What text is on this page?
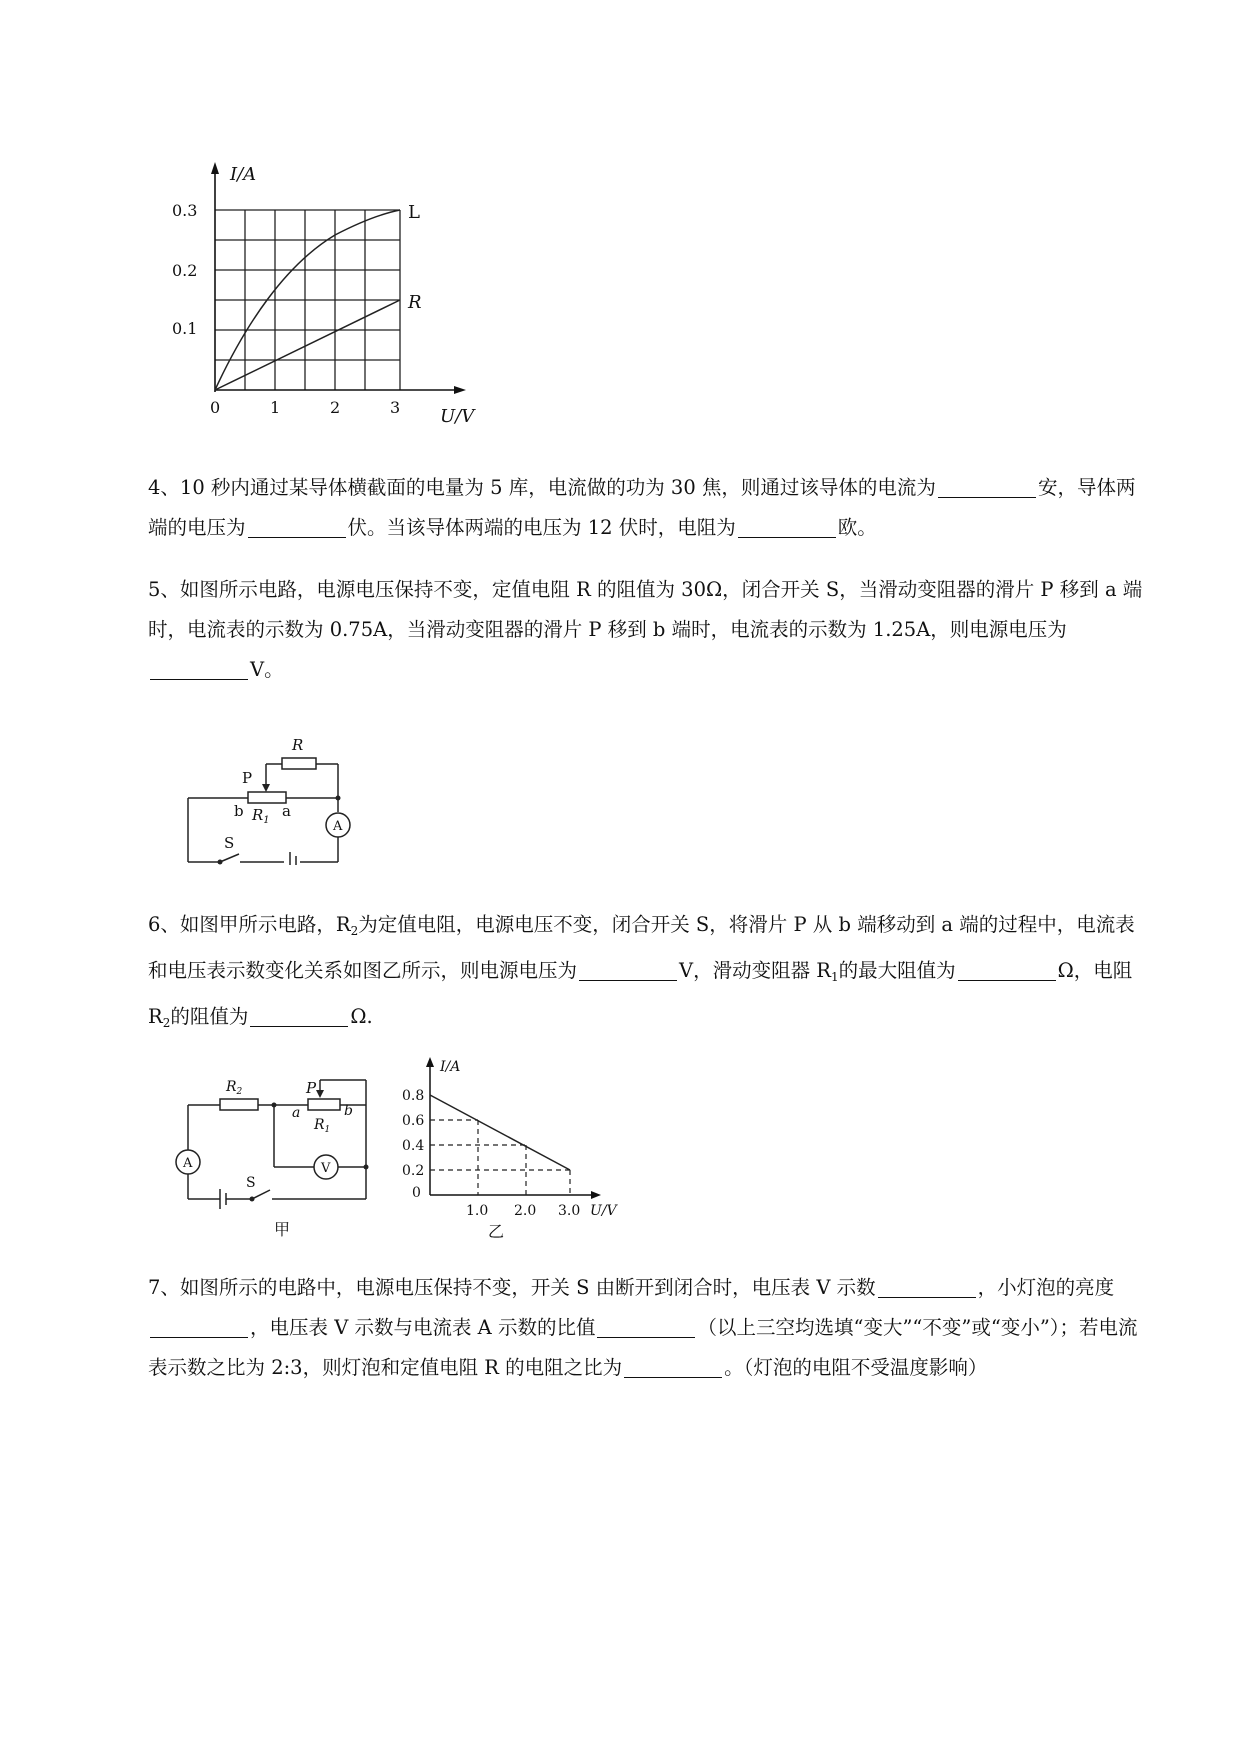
I/A
0.3
0.2
0.1
0	1	2	3 U/V
L
R
4、10 秒内通过某导体横截面的电量为 5 库，电流做的功为 30 焦，则通过该导体的电流为	安，导体两端的电压为	伏。当该导体两端的电压为 12 伏时，电阻为	欧。
5、如图所示电路，电源电压保持不变，定值电阻 R 的阻值为 30Ω，闭合开关 S，当滑动变阻器的滑片 P 移到 a 端时，电流表的示数为 0.75A，当滑动变阻器的滑片 P 移到 b 端时，电流表的示数为 1.25A，则电源电压为V。
R
P
b $R_1$
a
A
S
6、如图甲所示电路，$R_2$为定值电阻，电源电压不变，闭合开关 S，将滑片 P 从 b 端移动到 a 端的过程中，电流表和电压表示数变化关系如图乙所示，则电源电压为	V，滑动变阻器 $R_1$的最大阻值为	Ω，电阻 $R_2$的阻值为	Ω.
$R_2$	P
a	b
$R_1$
A	V
S
甲
I/A
0.8
0.6
0.4
0.2
0
1.0 2.0 3.0 U/V
乙
7、如图所示的电路中，电源电压保持不变，开关 S 由断开到闭合时，电压表 V 示数	，小灯泡的亮度，电压表 V 示数与电流表 A 示数的比值	（以上三空均选填“变大”“不变”或“变小”）；若电流表示数之比为 2:3，则灯泡和定值电阻 R 的电阻之比为	。（灯泡的电阻不受温度影响）
